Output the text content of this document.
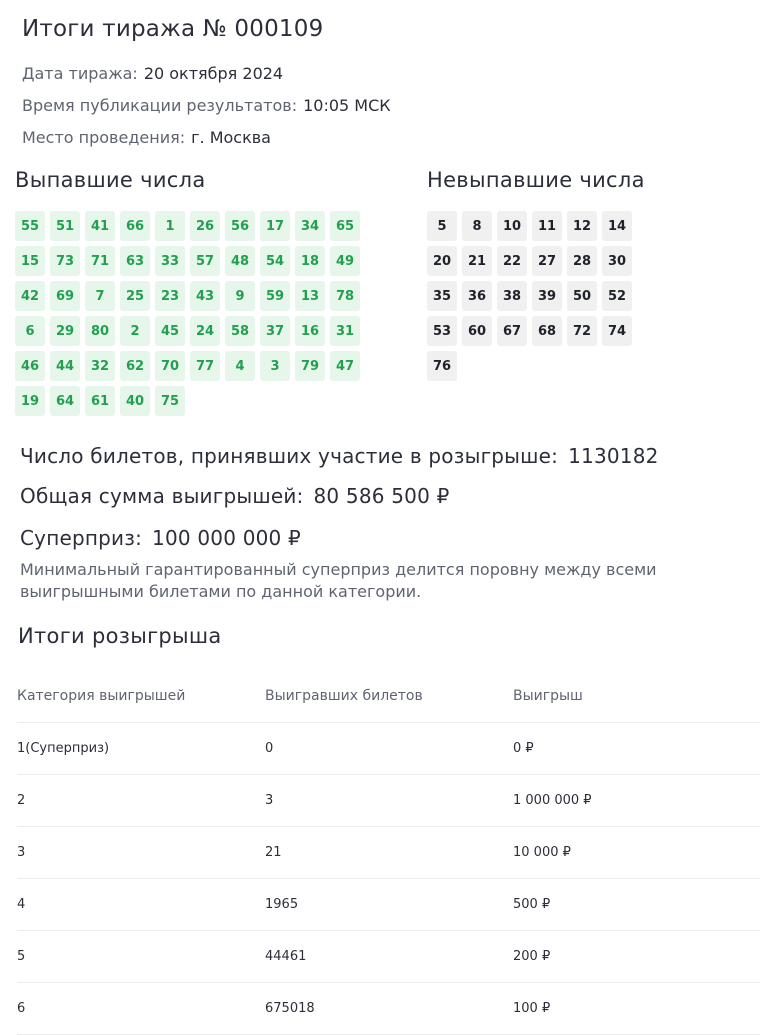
Итоги тиража № 000109
Дата тиража: 20 октября 2024
Время публикации результатов: 10:05 МСК
Место проведения: г. Москва
Выпавшие числа	Невыпавшие числа
55	51	41	66	1	26	56	17	34	65
15	73	71	63	33	57	48	54	18	49
42	69	7	25	23	43	9	59	13	78
6	29	80	2	45	24	58	37	16	31
46	44	32	62	70	77	4	3	79	47
19	64	61	40	75
5	8	10	11	12	14
20	21	22	27	28	30
35	36	38	39	50	52
53	60	67	68	72	74
76
Число билетов, принявших участие в розыгрыше: 1130182
Общая сумма выигрышей: 80 586 500 ₽
Суперприз: 100 000 000 ₽
Минимальный гарантированный суперприз делится поровну между всеми выигрышными билетами по данной категории.
Итоги розыгрыша
Категория выигрышей	Выигравших билетов	Выигрыш
1(Суперприз)	0	0 ₽
2	3	1 000 000 ₽
3	21	10 000 ₽
4	1965	500 ₽
5	44461	200 ₽
6	675018	100 ₽
